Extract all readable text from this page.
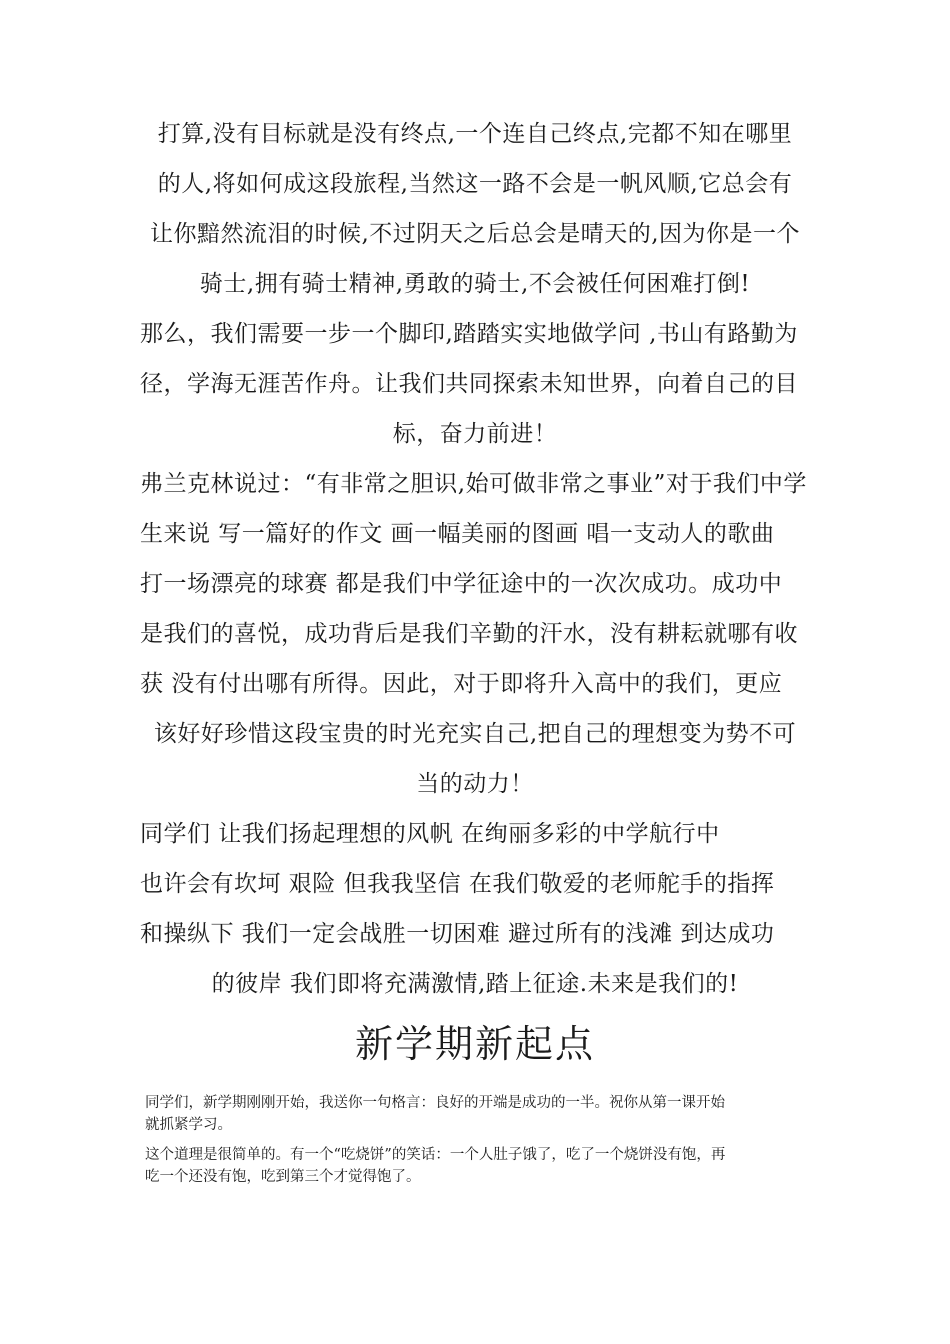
打算,没有目标就是没有终点,一个连自己终点,完都不知在哪里
的人,将如何成这段旅程,当然这一路不会是一帆风顺,它总会有
让你黯然流泪的时候,不过阴天之后总会是晴天的,因为你是一个
骑士,拥有骑士精神,勇敢的骑士,不会被任何困难打倒!
那么，我们需要一步一个脚印,踏踏实实地做学问 ,书山有路勤为
径，学海无涯苦作舟。让我们共同探索未知世界，向着自己的目
标，奋力前进！
弗兰克林说过：“有非常之胆识,始可做非常之事业”对于我们中学
生来说 写一篇好的作文 画一幅美丽的图画 唱一支动人的歌曲
打一场漂亮的球赛 都是我们中学征途中的一次次成功。成功中
是我们的喜悦，成功背后是我们辛勤的汗水，没有耕耘就哪有收
获 没有付出哪有所得。因此，对于即将升入高中的我们，更应
该好好珍惜这段宝贵的时光充实自己,把自己的理想变为势不可
当的动力！
同学们 让我们扬起理想的风帆 在绚丽多彩的中学航行中
也许会有坎坷 艰险 但我我坚信 在我们敬爱的老师舵手的指挥
和操纵下 我们一定会战胜一切困难 避过所有的浅滩 到达成功
的彼岸 我们即将充满激情,踏上征途.未来是我们的!
新学期新起点
同学们，新学期刚刚开始，我送你一句格言：良好的开端是成功的一半。祝你从第一课开始
就抓紧学习。
这个道理是很简单的。有一个“吃烧饼”的笑话：一个人肚子饿了，吃了一个烧饼没有饱，再
吃一个还没有饱，吃到第三个才觉得饱了。
